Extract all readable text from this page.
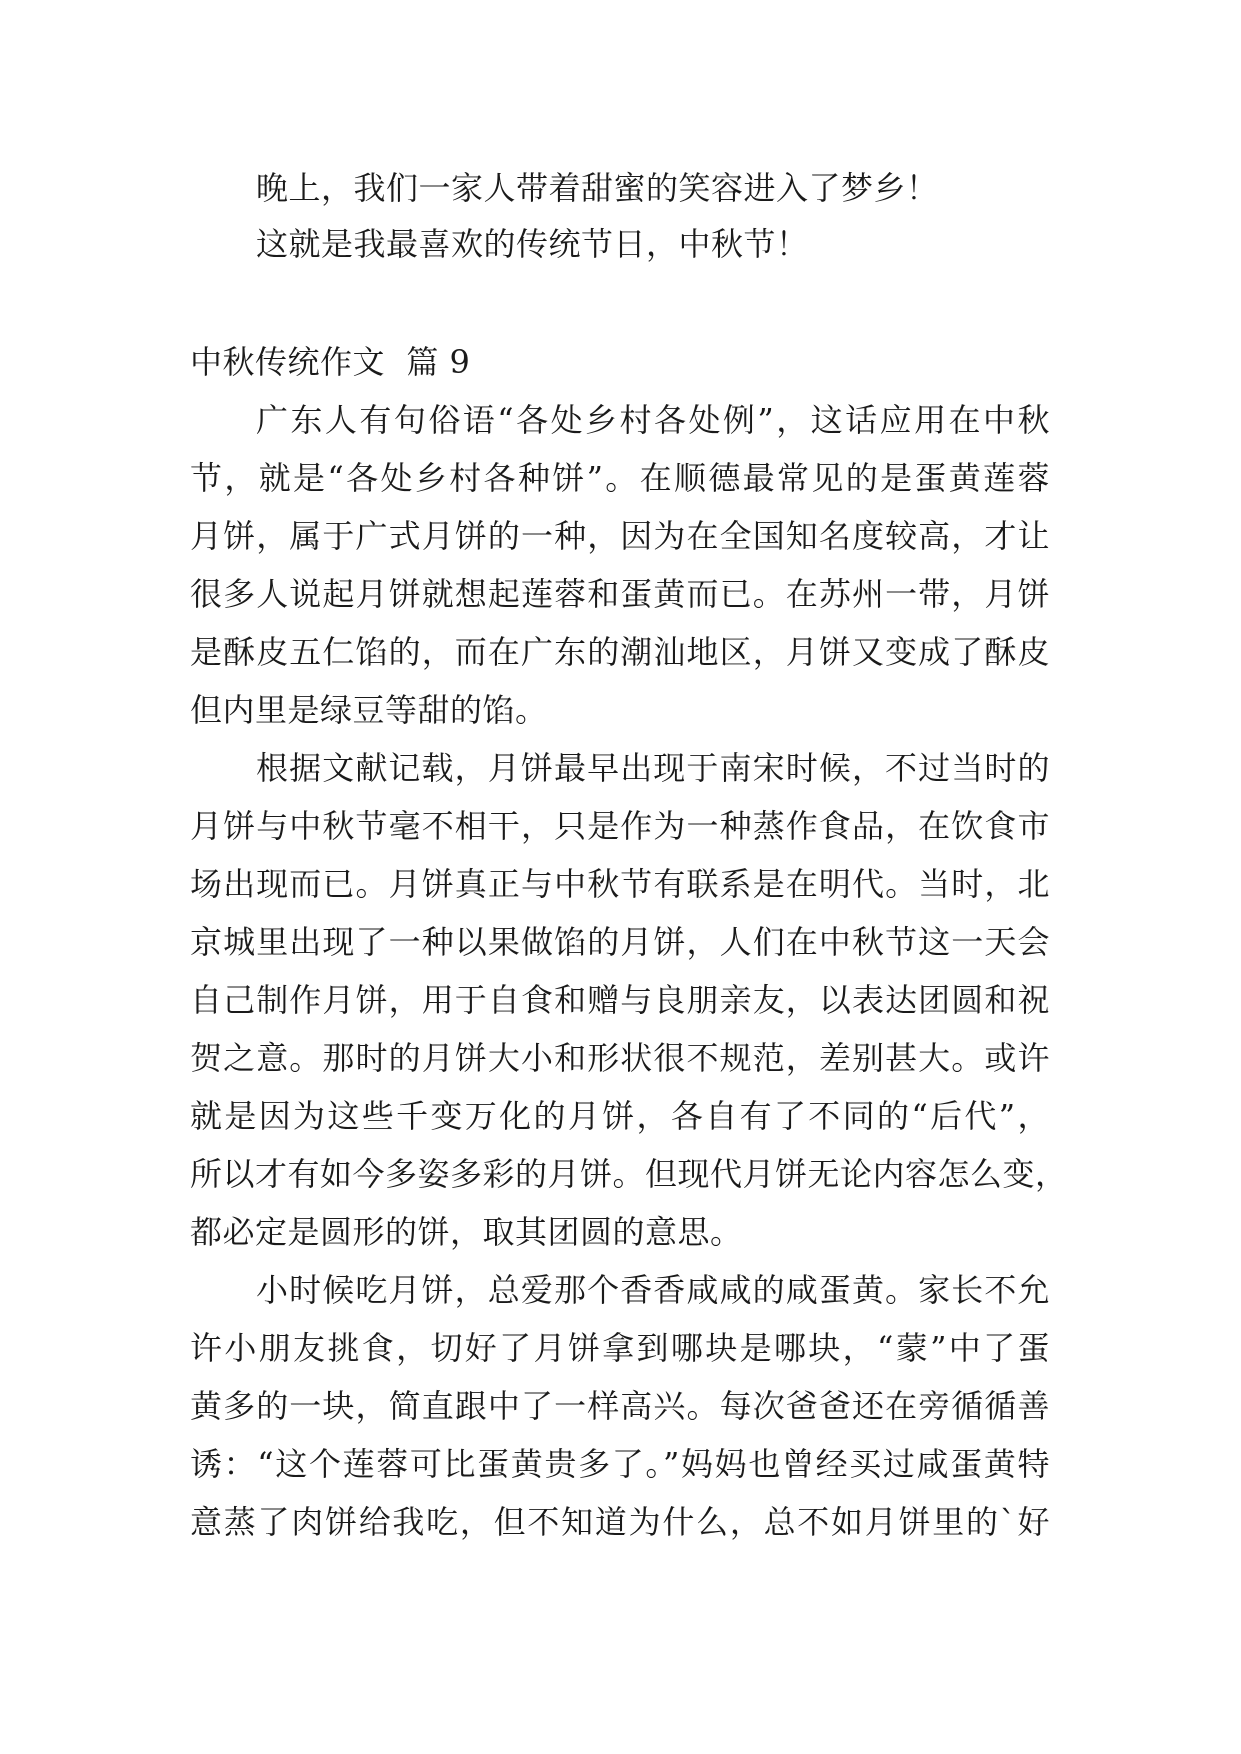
晚上，我们一家人带着甜蜜的笑容进入了梦乡！

这就是我最喜欢的传统节日，中秋节！

中秋传统作文  篇 9

广东人有句俗语“各处乡村各处例”，这话应用在中秋

节，就是“各处乡村各种饼”。在顺德最常见的是蛋黄莲蓉

月饼，属于广式月饼的一种，因为在全国知名度较高，才让

很多人说起月饼就想起莲蓉和蛋黄而已。在苏州一带，月饼

是酥皮五仁馅的，而在广东的潮汕地区，月饼又变成了酥皮

但内里是绿豆等甜的馅。

根据文献记载，月饼最早出现于南宋时候，不过当时的

月饼与中秋节毫不相干，只是作为一种蒸作食品，在饮食市

场出现而已。月饼真正与中秋节有联系是在明代。当时，北

京城里出现了一种以果做馅的月饼，人们在中秋节这一天会

自己制作月饼，用于自食和赠与良朋亲友，以表达团圆和祝

贺之意。那时的月饼大小和形状很不规范，差别甚大。或许

就是因为这些千变万化的月饼，各自有了不同的“后代”，

所以才有如今多姿多彩的月饼。但现代月饼无论内容怎么变，

都必定是圆形的饼，取其团圆的意思。

小时候吃月饼，总爱那个香香咸咸的咸蛋黄。家长不允

许小朋友挑食，切好了月饼拿到哪块是哪块，“蒙”中了蛋

黄多的一块，简直跟中了一样高兴。每次爸爸还在旁循循善

诱：“这个莲蓉可比蛋黄贵多了。”妈妈也曾经买过咸蛋黄特

意蒸了肉饼给我吃，但不知道为什么，总不如月饼里的`好
